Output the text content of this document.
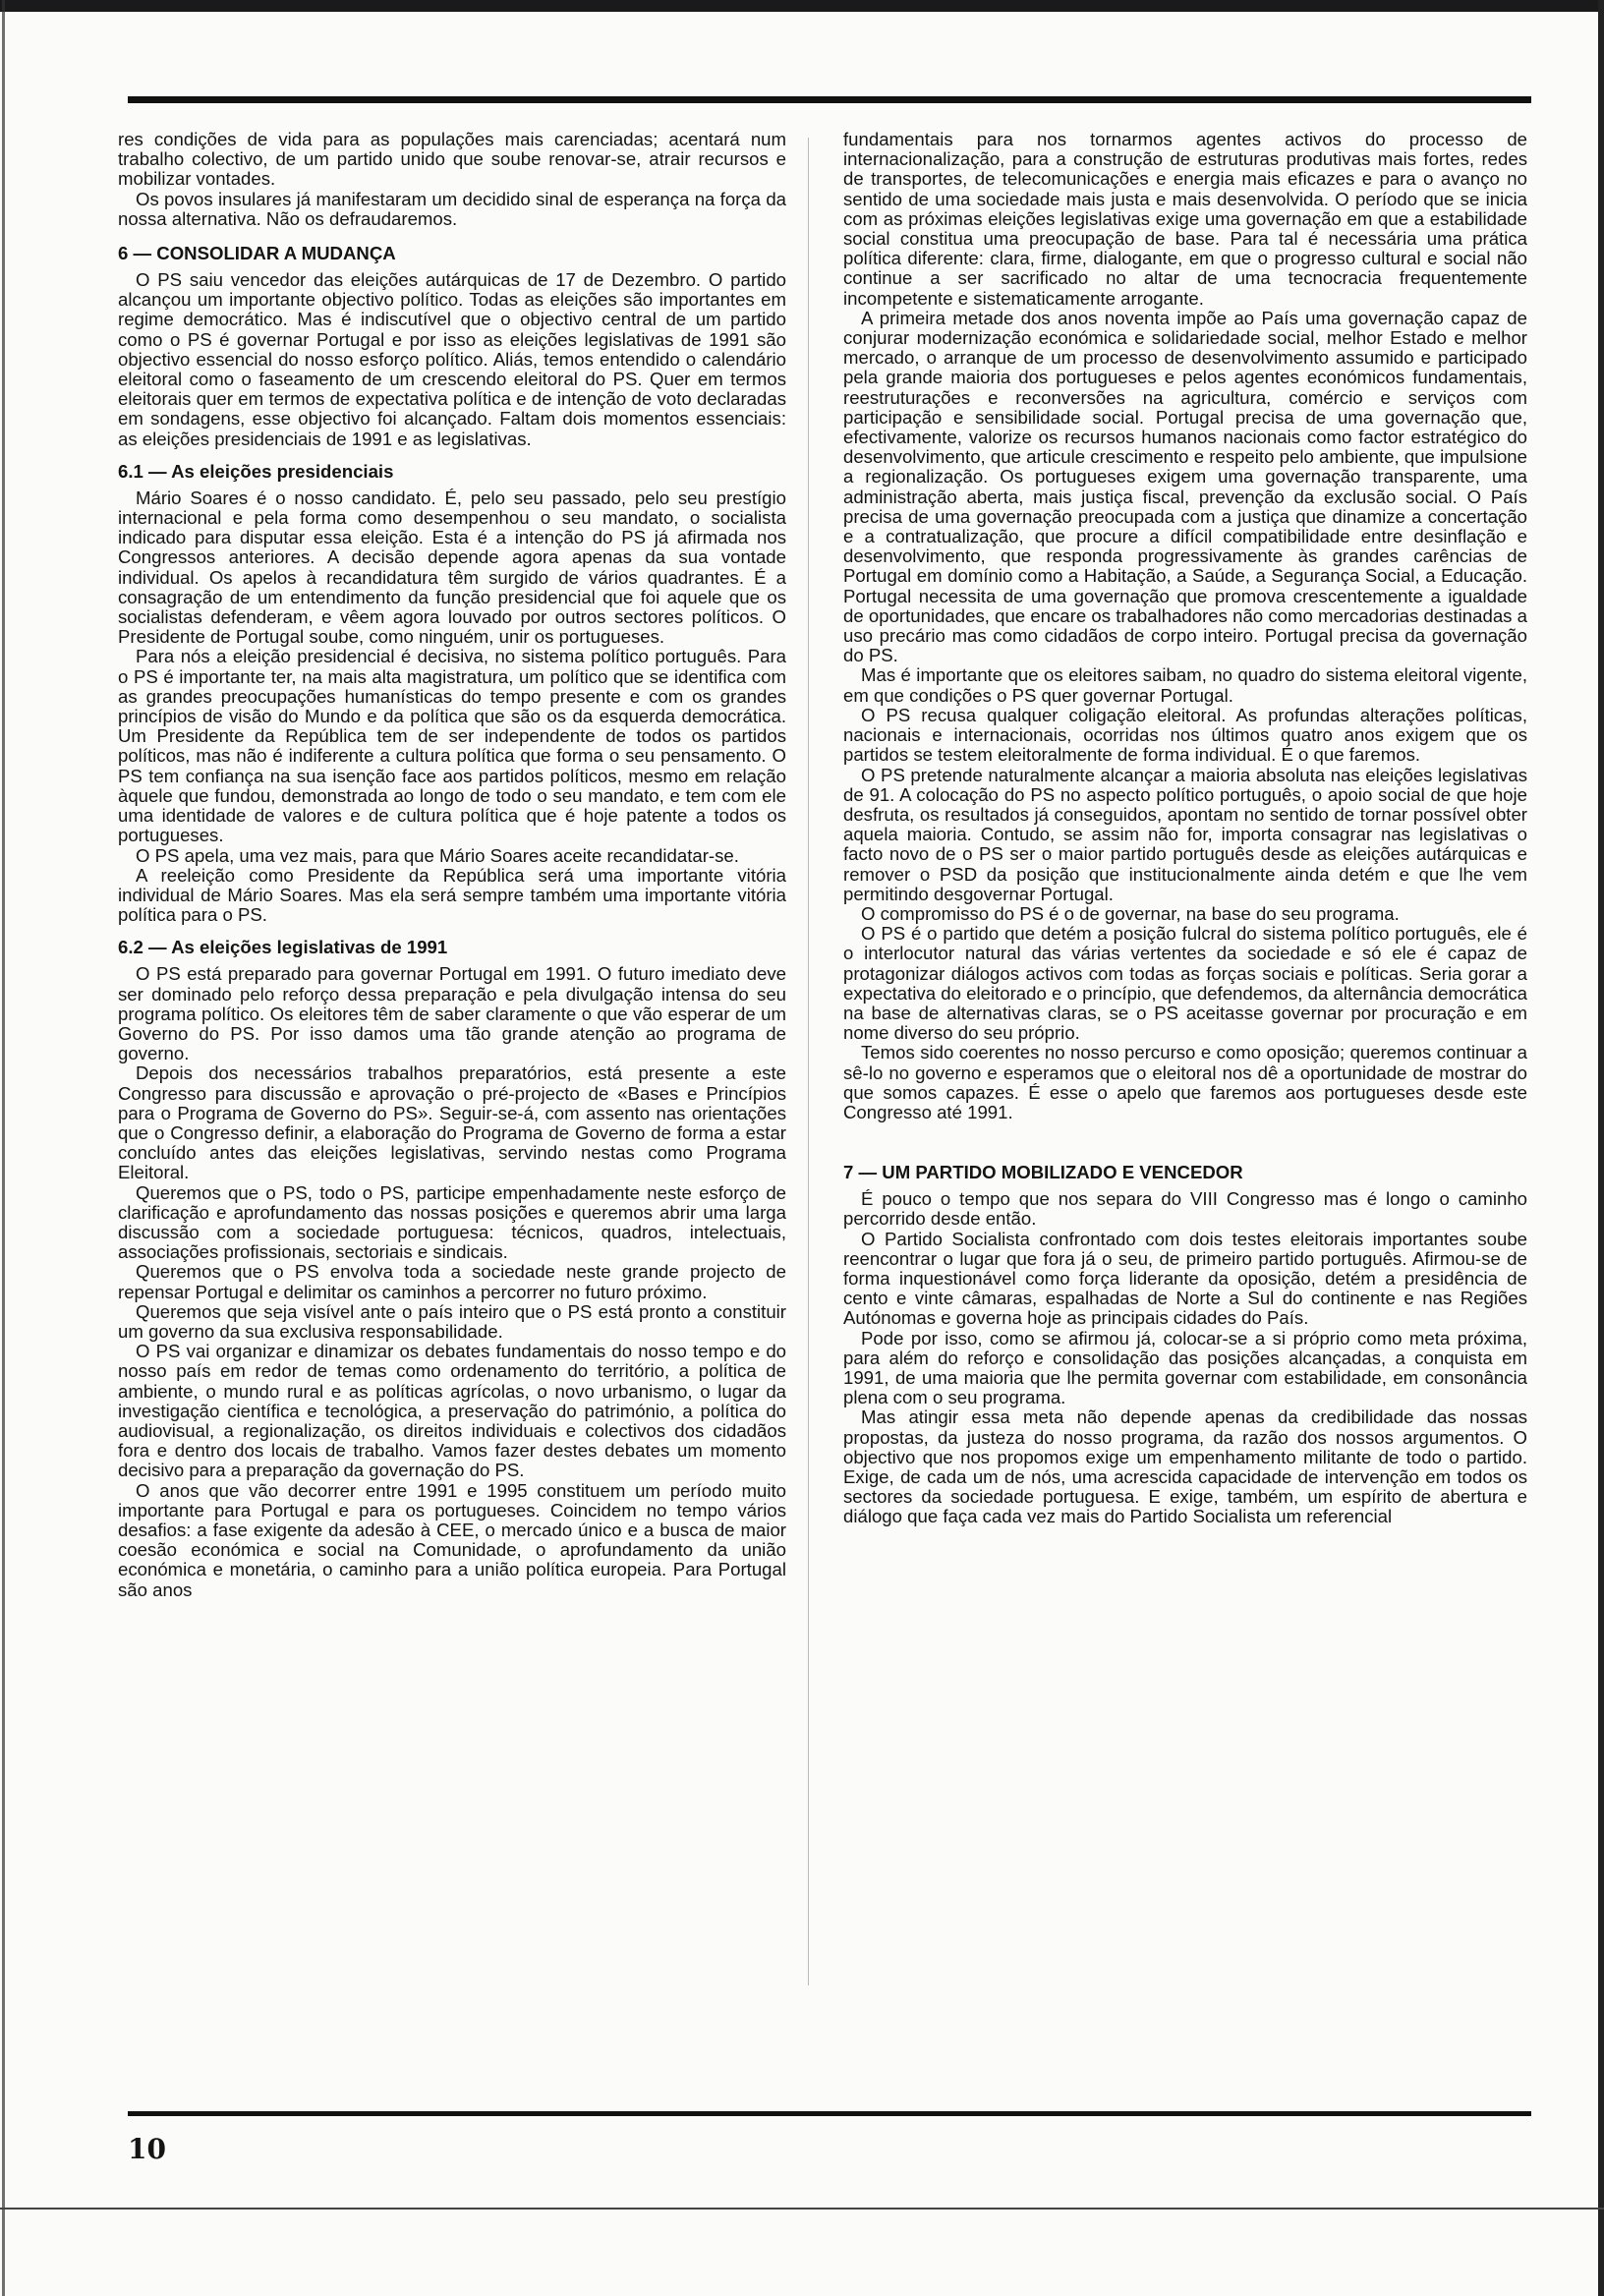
res condições de vida para as populações mais carenciadas; acentará num trabalho colectivo, de um partido unido que soube renovar-se, atrair recursos e mobilizar vontades.

Os povos insulares já manifestaram um decidido sinal de esperança na força da nossa alternativa. Não os defraudaremos.

6 — CONSOLIDAR A MUDANÇA

O PS saiu vencedor das eleições autárquicas de 17 de Dezembro. O partido alcançou um importante objectivo político. Todas as eleições são importantes em regime democrático. Mas é indiscutível que o objectivo central de um partido como o PS é governar Portugal e por isso as eleições legislativas de 1991 são objectivo essencial do nosso esforço político. Aliás, temos entendido o calendário eleitoral como o faseamento de um crescendo eleitoral do PS. Quer em termos eleitorais quer em termos de expectativa política e de intenção de voto declaradas em sondagens, esse objectivo foi alcançado. Faltam dois momentos essenciais: as eleições presidenciais de 1991 e as legislativas.

6.1 — As eleições presidenciais

Mário Soares é o nosso candidato. É, pelo seu passado, pelo seu prestígio internacional e pela forma como desempenhou o seu mandato, o socialista indicado para disputar essa eleição. Esta é a intenção do PS já afirmada nos Congressos anteriores. A decisão depende agora apenas da sua vontade individual. Os apelos à recandidatura têm surgido de vários quadrantes. É a consagração de um entendimento da função presidencial que foi aquele que os socialistas defenderam, e vêem agora louvado por outros sectores políticos. O Presidente de Portugal soube, como ninguém, unir os portugueses.

Para nós a eleição presidencial é decisiva, no sistema político português. Para o PS é importante ter, na mais alta magistratura, um político que se identifica com as grandes preocupações humanísticas do tempo presente e com os grandes princípios de visão do Mundo e da política que são os da esquerda democrática. Um Presidente da República tem de ser independente de todos os partidos políticos, mas não é indiferente a cultura política que forma o seu pensamento. O PS tem confiança na sua isenção face aos partidos políticos, mesmo em relação àquele que fundou, demonstrada ao longo de todo o seu mandato, e tem com ele uma identidade de valores e de cultura política que é hoje patente a todos os portugueses.

O PS apela, uma vez mais, para que Mário Soares aceite recandidatar-se.

A reeleição como Presidente da República será uma importante vitória individual de Mário Soares. Mas ela será sempre também uma importante vitória política para o PS.

6.2 — As eleições legislativas de 1991

O PS está preparado para governar Portugal em 1991. O futuro imediato deve ser dominado pelo reforço dessa preparação e pela divulgação intensa do seu programa político. Os eleitores têm de saber claramente o que vão esperar de um Governo do PS. Por isso damos uma tão grande atenção ao programa de governo.

Depois dos necessários trabalhos preparatórios, está presente a este Congresso para discussão e aprovação o pré-projecto de «Bases e Princípios para o Programa de Governo do PS». Seguir-se-á, com assento nas orientações que o Congresso definir, a elaboração do Programa de Governo de forma a estar concluído antes das eleições legislativas, servindo nestas como Programa Eleitoral.

Queremos que o PS, todo o PS, participe empenhadamente neste esforço de clarificação e aprofundamento das nossas posições e queremos abrir uma larga discussão com a sociedade portuguesa: técnicos, quadros, intelectuais, associações profissionais, sectoriais e sindicais.

Queremos que o PS envolva toda a sociedade neste grande projecto de repensar Portugal e delimitar os caminhos a percorrer no futuro próximo.

Queremos que seja visível ante o país inteiro que o PS está pronto a constituir um governo da sua exclusiva responsabilidade.

O PS vai organizar e dinamizar os debates fundamentais do nosso tempo e do nosso país em redor de temas como ordenamento do território, a política de ambiente, o mundo rural e as políticas agrícolas, o novo urbanismo, o lugar da investigação científica e tecnológica, a preservação do património, a política do audiovisual, a regionalização, os direitos individuais e colectivos dos cidadãos fora e dentro dos locais de trabalho. Vamos fazer destes debates um momento decisivo para a preparação da governação do PS.

O anos que vão decorrer entre 1991 e 1995 constituem um período muito importante para Portugal e para os portugueses. Coincidem no tempo vários desafios: a fase exigente da adesão à CEE, o mercado único e a busca de maior coesão económica e social na Comunidade, o aprofundamento da união económica e monetária, o caminho para a união política europeia. Para Portugal são anos

fundamentais para nos tornarmos agentes activos do processo de internacionalização, para a construção de estruturas produtivas mais fortes, redes de transportes, de telecomunicações e energia mais eficazes e para o avanço no sentido de uma sociedade mais justa e mais desenvolvida. O período que se inicia com as próximas eleições legislativas exige uma governação em que a estabilidade social constitua uma preocupação de base. Para tal é necessária uma prática política diferente: clara, firme, dialogante, em que o progresso cultural e social não continue a ser sacrificado no altar de uma tecnocracia frequentemente incompetente e sistematicamente arrogante.

A primeira metade dos anos noventa impõe ao País uma governação capaz de conjurar modernização económica e solidariedade social, melhor Estado e melhor mercado, o arranque de um processo de desenvolvimento assumido e participado pela grande maioria dos portugueses e pelos agentes económicos fundamentais, reestruturações e reconversões na agricultura, comércio e serviços com participação e sensibilidade social. Portugal precisa de uma governação que, efectivamente, valorize os recursos humanos nacionais como factor estratégico do desenvolvimento, que articule crescimento e respeito pelo ambiente, que impulsione a regionalização. Os portugueses exigem uma governação transparente, uma administração aberta, mais justiça fiscal, prevenção da exclusão social. O País precisa de uma governação preocupada com a justiça que dinamize a concertação e a contratualização, que procure a difícil compatibilidade entre desinflação e desenvolvimento, que responda progressivamente às grandes carências de Portugal em domínio como a Habitação, a Saúde, a Segurança Social, a Educação. Portugal necessita de uma governação que promova crescentemente a igualdade de oportunidades, que encare os trabalhadores não como mercadorias destinadas a uso precário mas como cidadãos de corpo inteiro. Portugal precisa da governação do PS.

Mas é importante que os eleitores saibam, no quadro do sistema eleitoral vigente, em que condições o PS quer governar Portugal.

O PS recusa qualquer coligação eleitoral. As profundas alterações políticas, nacionais e internacionais, ocorridas nos últimos quatro anos exigem que os partidos se testem eleitoralmente de forma individual. É o que faremos.

O PS pretende naturalmente alcançar a maioria absoluta nas eleições legislativas de 91. A colocação do PS no aspecto político português, o apoio social de que hoje desfruta, os resultados já conseguidos, apontam no sentido de tornar possível obter aquela maioria. Contudo, se assim não for, importa consagrar nas legislativas o facto novo de o PS ser o maior partido português desde as eleições autárquicas e remover o PSD da posição que institucionalmente ainda detém e que lhe vem permitindo desgovernar Portugal.

O compromisso do PS é o de governar, na base do seu programa.

O PS é o partido que detém a posição fulcral do sistema político português, ele é o interlocutor natural das várias vertentes da sociedade e só ele é capaz de protagonizar diálogos activos com todas as forças sociais e políticas. Seria gorar a expectativa do eleitorado e o princípio, que defendemos, da alternância democrática na base de alternativas claras, se o PS aceitasse governar por procuração e em nome diverso do seu próprio.

Temos sido coerentes no nosso percurso e como oposição; queremos continuar a sê-lo no governo e esperamos que o eleitoral nos dê a oportunidade de mostrar do que somos capazes. É esse o apelo que faremos aos portugueses desde este Congresso até 1991.

7 — UM PARTIDO MOBILIZADO E VENCEDOR

É pouco o tempo que nos separa do VIII Congresso mas é longo o caminho percorrido desde então.

O Partido Socialista confrontado com dois testes eleitorais importantes soube reencontrar o lugar que fora já o seu, de primeiro partido português. Afirmou-se de forma inquestionável como força liderante da oposição, detém a presidência de cento e vinte câmaras, espalhadas de Norte a Sul do continente e nas Regiões Autónomas e governa hoje as principais cidades do País.

Pode por isso, como se afirmou já, colocar-se a si próprio como meta próxima, para além do reforço e consolidação das posições alcançadas, a conquista em 1991, de uma maioria que lhe permita governar com estabilidade, em consonância plena com o seu programa.

Mas atingir essa meta não depende apenas da credibilidade das nossas propostas, da justeza do nosso programa, da razão dos nossos argumentos. O objectivo que nos propomos exige um empenhamento militante de todo o partido. Exige, de cada um de nós, uma acrescida capacidade de intervenção em todos os sectores da sociedade portuguesa. E exige, também, um espírito de abertura e diálogo que faça cada vez mais do Partido Socialista um referencial

10
